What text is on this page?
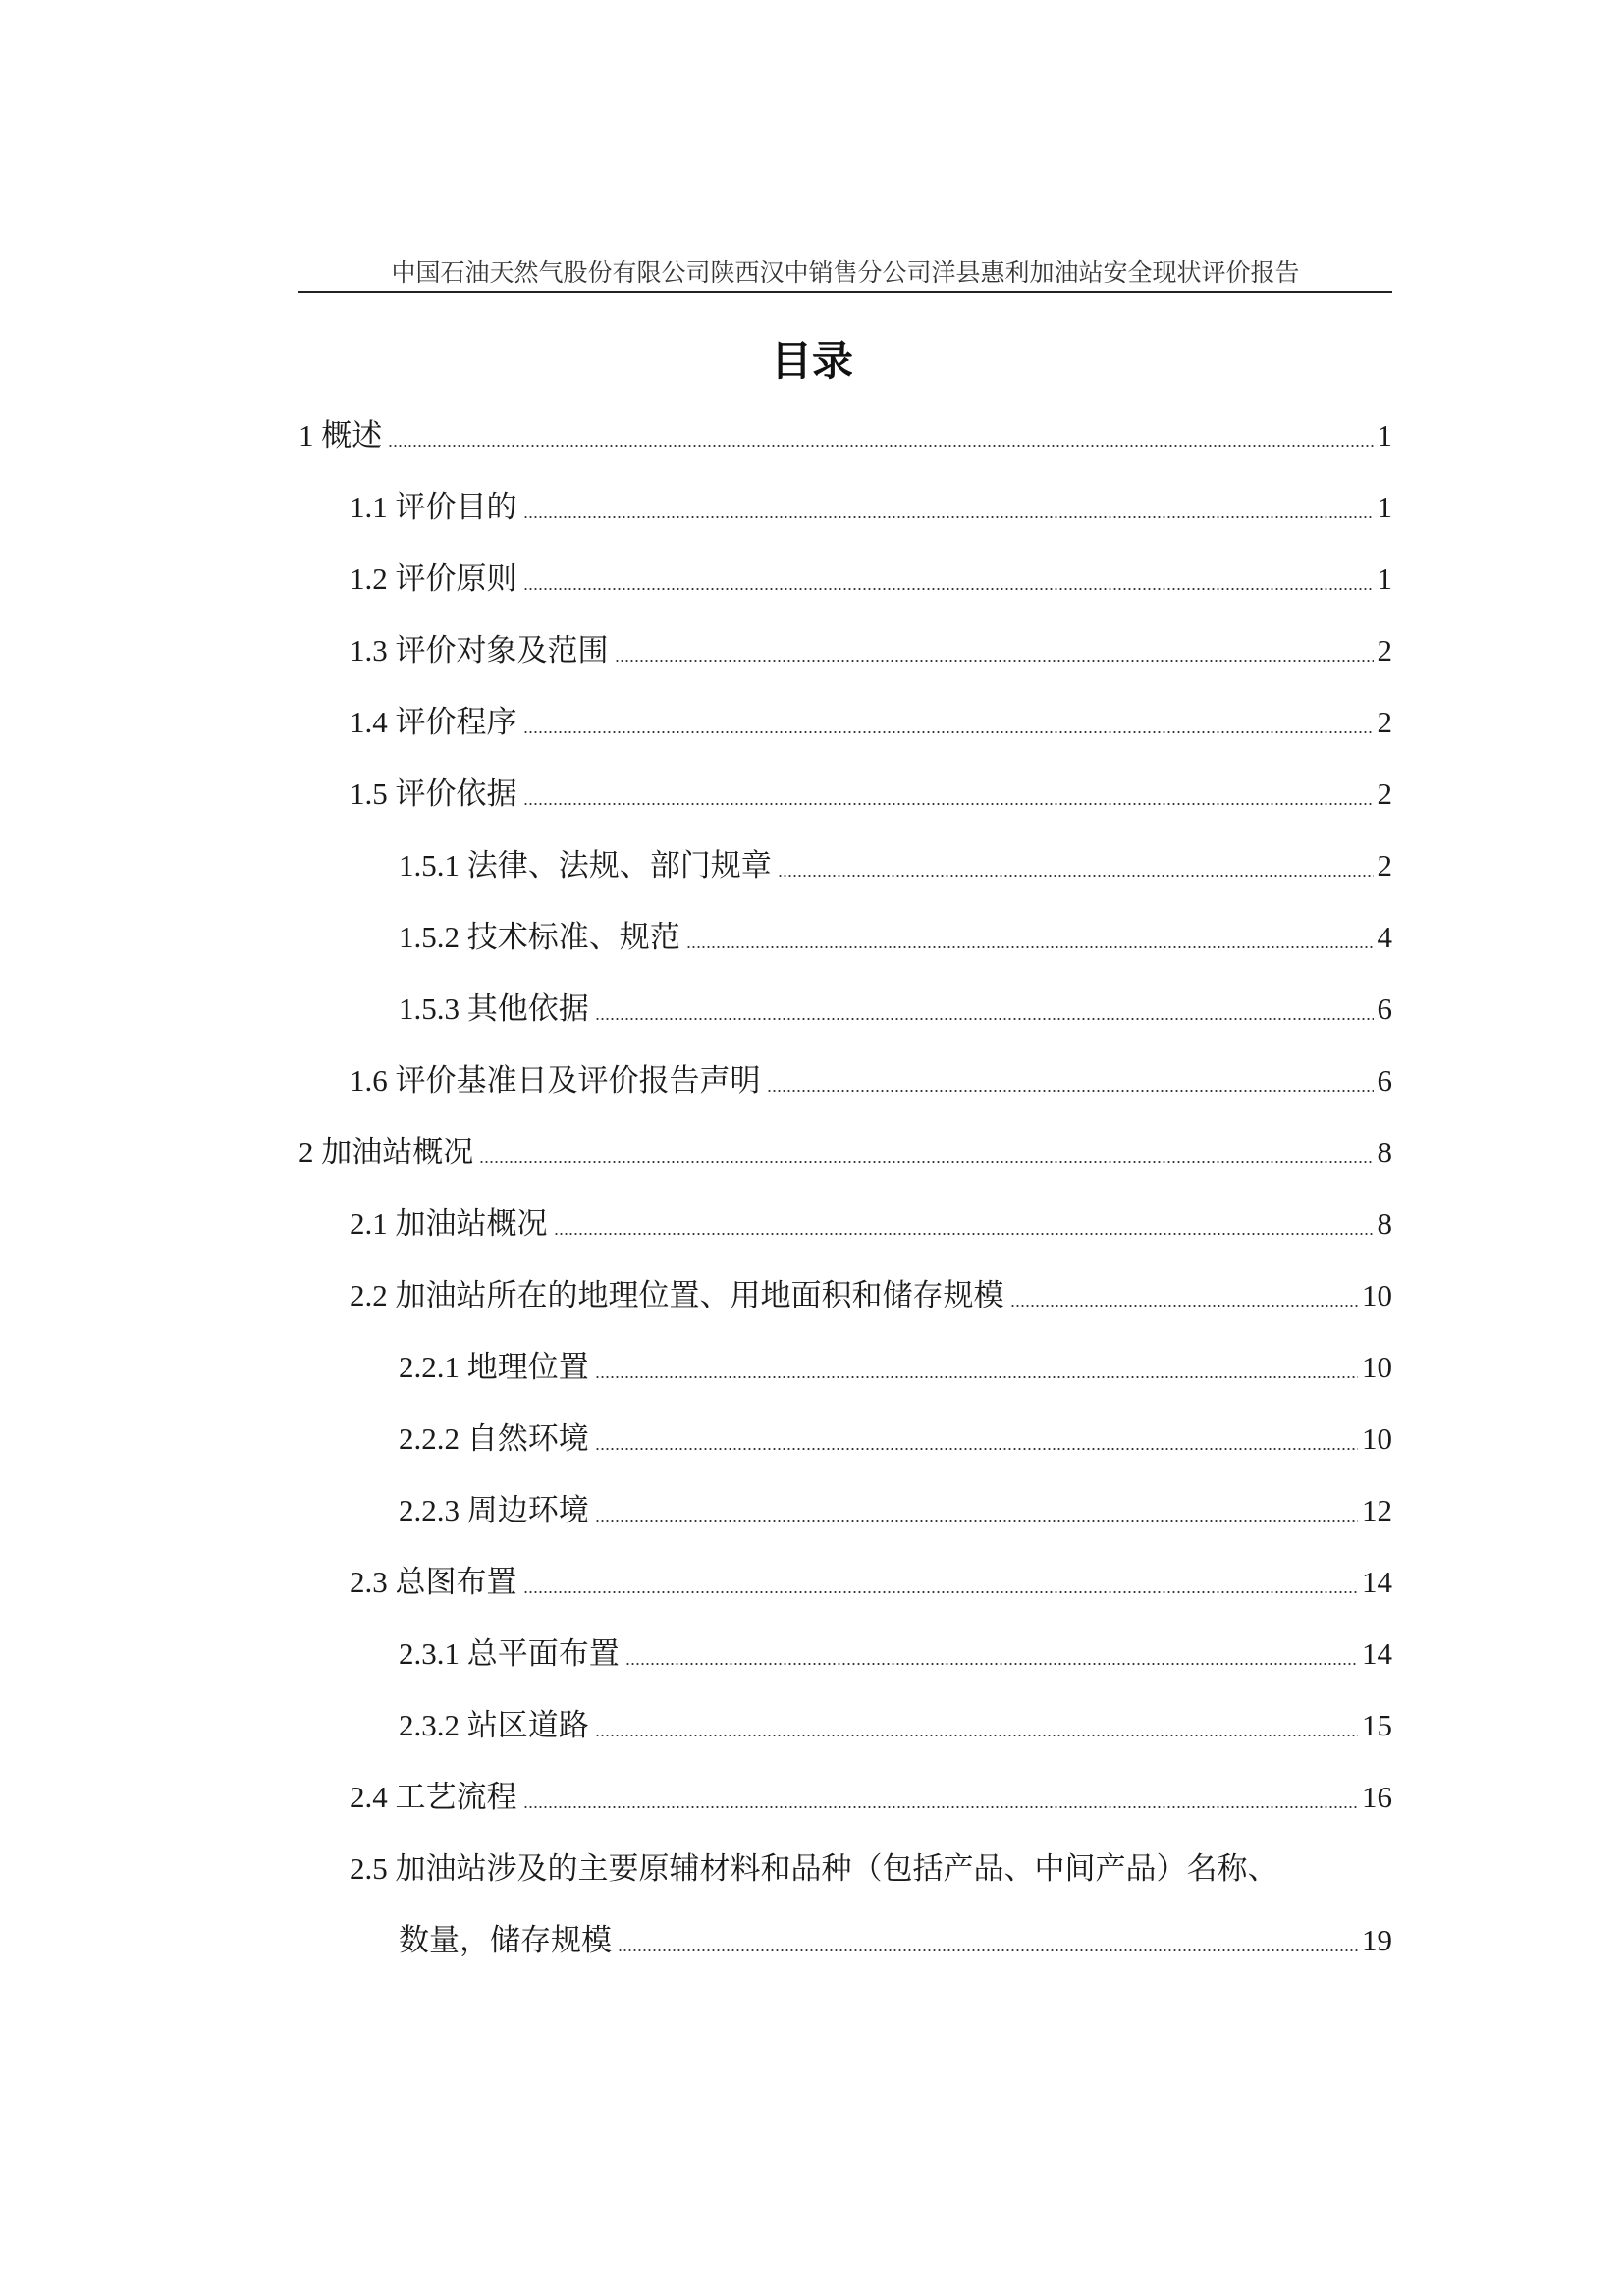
中国石油天然气股份有限公司陕西汉中销售分公司洋县惠利加油站安全现状评价报告
目录
1 概述	1
1.1 评价目的	1
1.2 评价原则	1
1.3 评价对象及范围	2
1.4 评价程序	2
1.5 评价依据	2
1.5.1 法律、法规、部门规章	2
1.5.2 技术标准、规范	4
1.5.3 其他依据	6
1.6 评价基准日及评价报告声明	6
2 加油站概况	8
2.1 加油站概况	8
2.2 加油站所在的地理位置、用地面积和储存规模	10
2.2.1 地理位置	10
2.2.2 自然环境	10
2.2.3 周边环境	12
2.3 总图布置	14
2.3.1 总平面布置	14
2.3.2 站区道路	15
2.4 工艺流程	16
2.5 加油站涉及的主要原辅材料和品种（包括产品、中间产品）名称、
数量，储存规模	19
